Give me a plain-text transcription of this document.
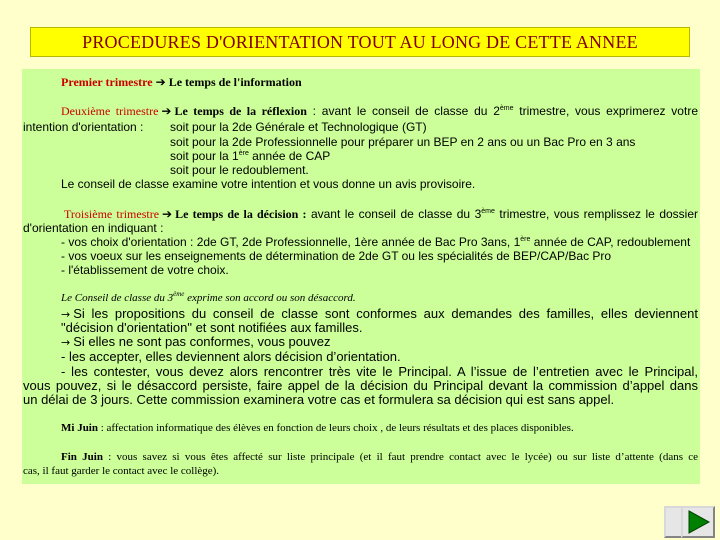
PROCEDURES D'ORIENTATION TOUT AU LONG DE CETTE ANNEE
Premier trimestre ➔ Le temps de l'information
Deuxième trimestre ➔ Le temps de la réflexion : avant le conseil de classe du 2ème trimestre, vous exprimerez votre
intention d'orientation : soit pour la 2de Générale et Technologique (GT)
soit pour la 2de Professionnelle pour préparer un BEP en 2 ans ou un Bac Pro en 3 ans
soit pour la 1ère année de CAP
soit pour le redoublement.
Le conseil de classe examine votre intention et vous donne un avis provisoire.
Troisième trimestre ➔ Le temps de la décision : avant le conseil de classe du 3ème trimestre, vous remplissez le dossier
d'orientation en indiquant :
- vos choix d'orientation : 2de GT, 2de Professionnelle, 1ère année de Bac Pro 3ans, 1ère année de CAP, redoublement
- vos voeux sur les enseignements de détermination de 2de GT ou les spécialités de BEP/CAP/Bac Pro
- l'établissement de votre choix.
Le Conseil de classe du 3ème exprime son accord ou son désaccord.
→ Si les propositions du conseil de classe sont conformes aux demandes des familles, elles deviennent
"décision d'orientation" et sont notifiées aux familles.
→ Si elles ne sont pas conformes, vous pouvez
- les accepter, elles deviennent alors décision d’orientation.
- les contester, vous devez alors rencontrer très vite le Principal. A l’issue de l’entretien avec le Principal,
vous pouvez, si le désaccord persiste, faire appel de la décision du Principal devant la commission d’appel dans
un délai de 3 jours. Cette commission examinera votre cas et formulera sa décision qui est sans appel.
Mi Juin : affectation informatique des élèves en fonction de leurs choix , de leurs résultats et des places disponibles.
Fin Juin : vous savez si vous êtes affecté sur liste principale (et il faut prendre contact avec le lycée) ou sur liste d’attente (dans ce
cas, il faut garder le contact avec le collège).
